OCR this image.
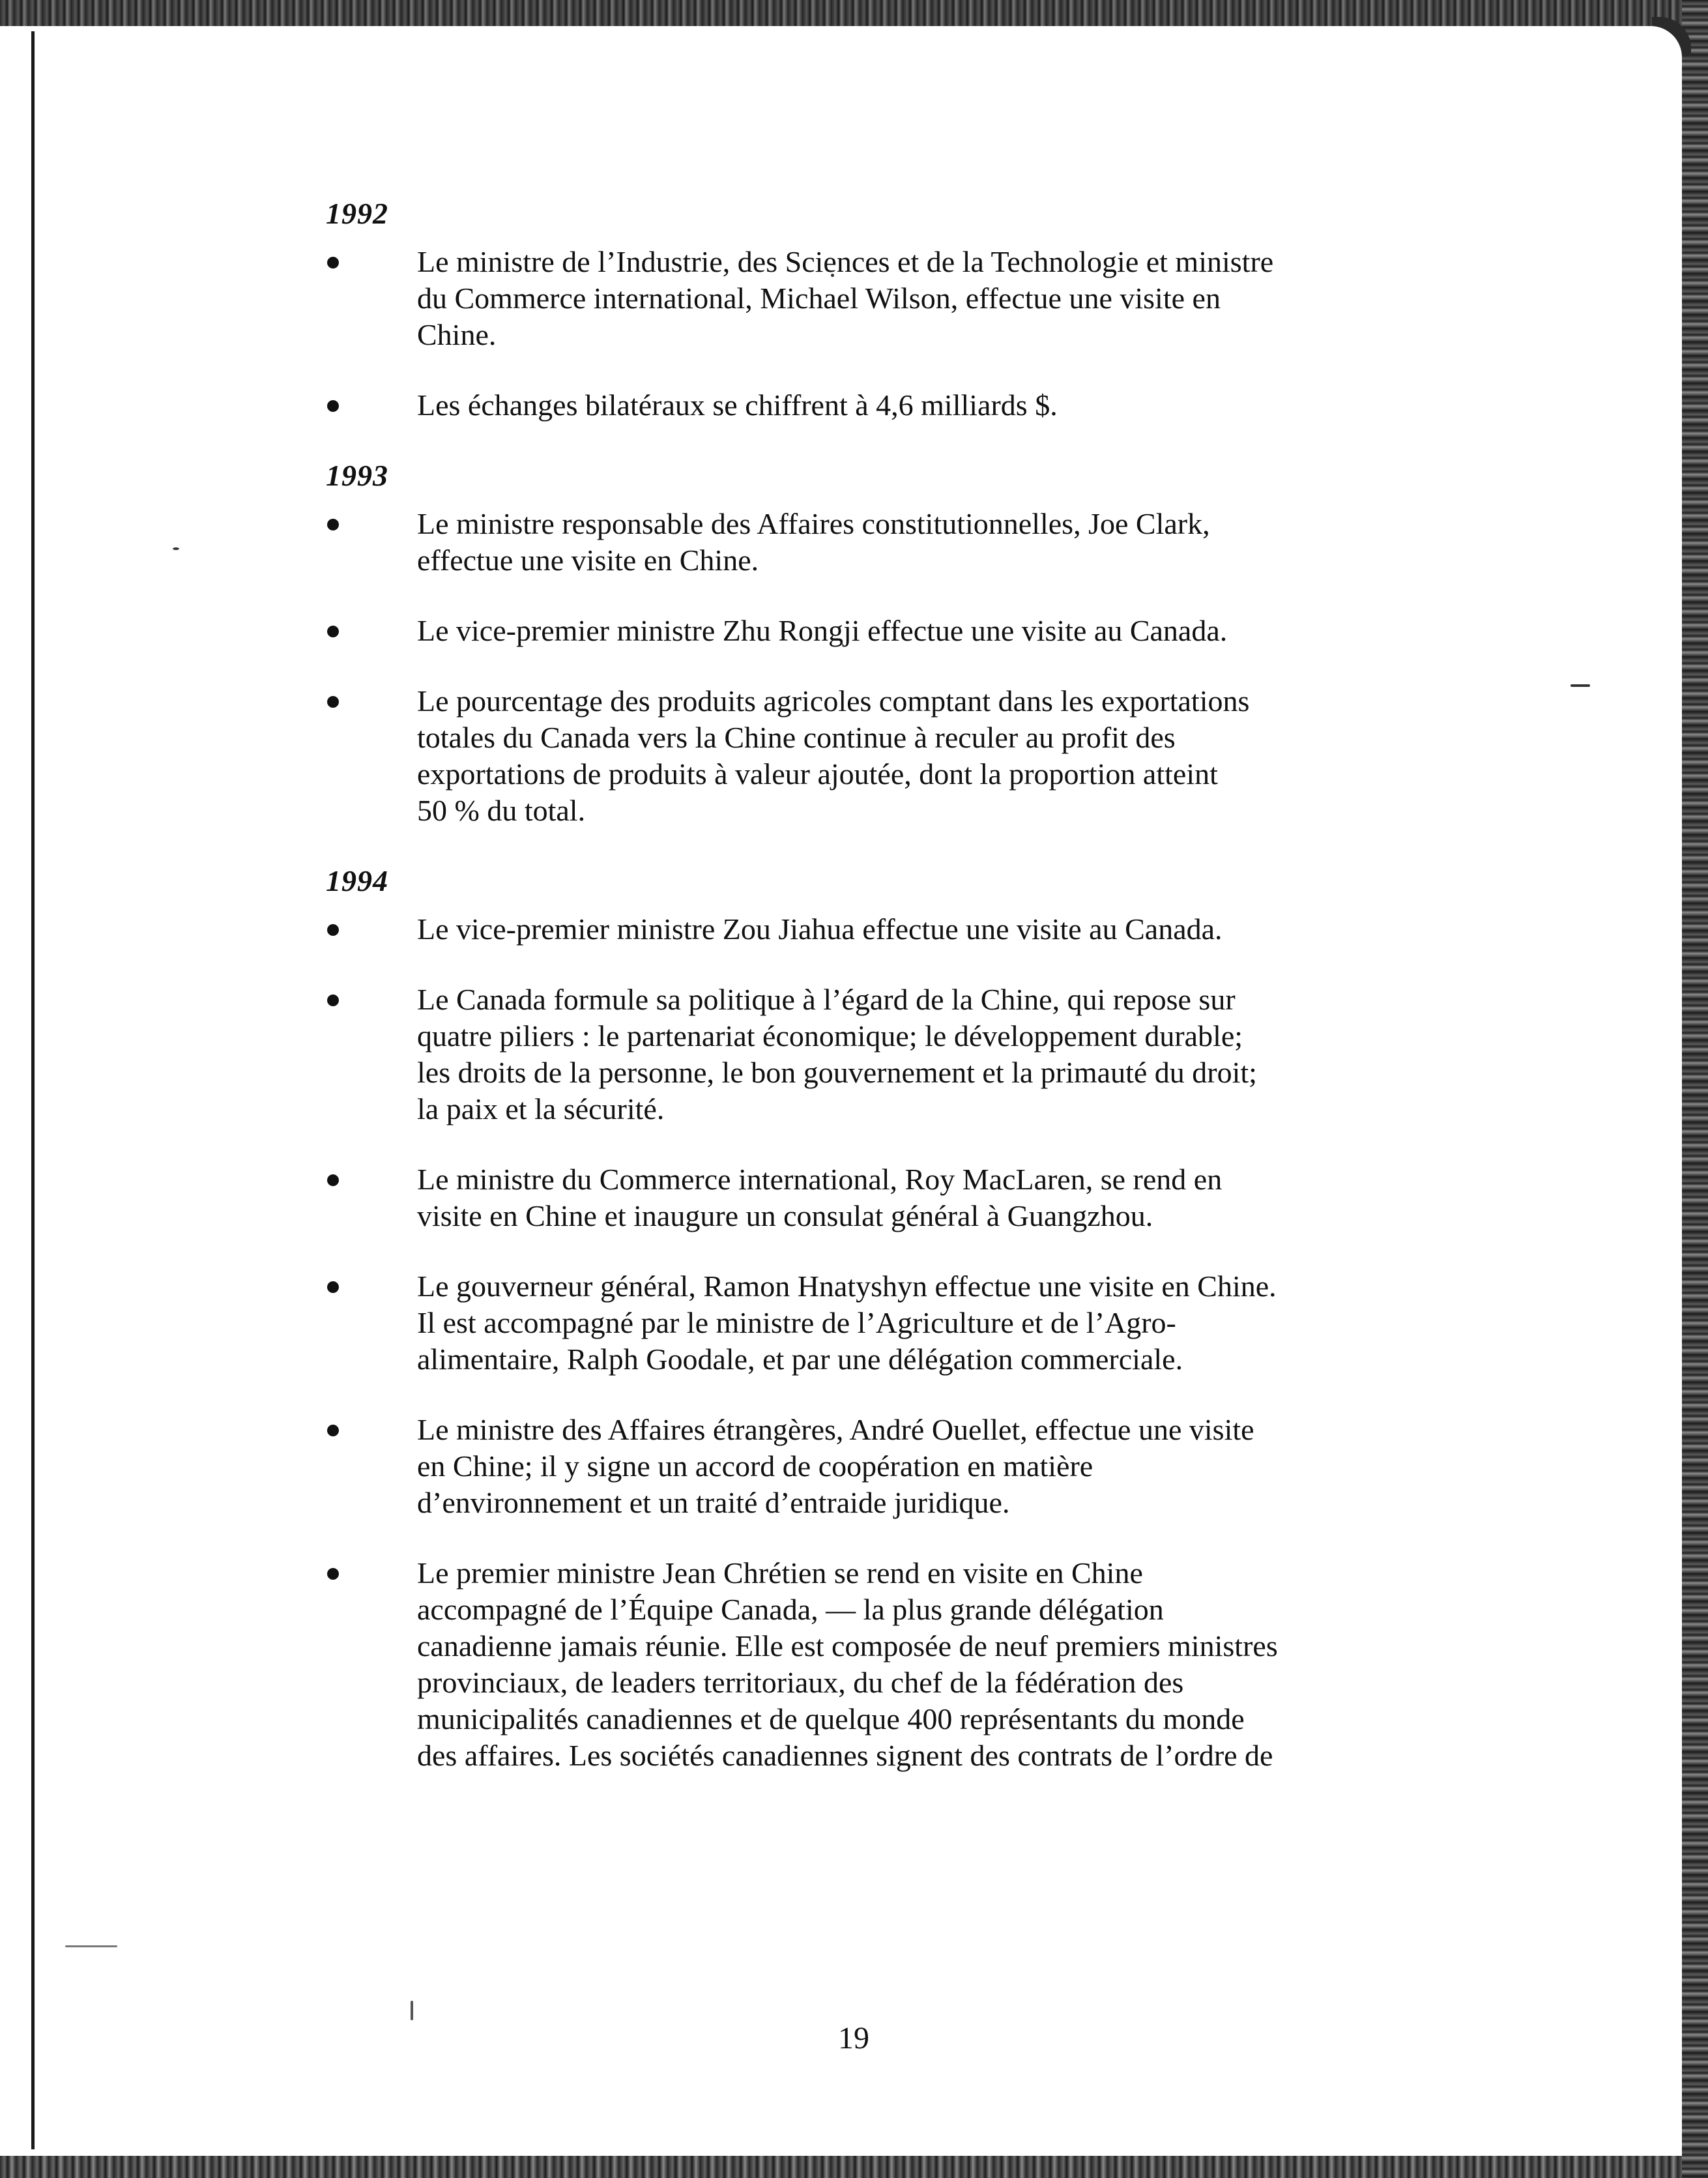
1992
Le ministre de l’Industrie, des Sciences et de la Technologie et ministre
du Commerce international, Michael Wilson, effectue une visite en
Chine.
Les échanges bilatéraux se chiffrent à 4,6 milliards $.
1993
Le ministre responsable des Affaires constitutionnelles, Joe Clark,
effectue une visite en Chine.
Le vice-premier ministre Zhu Rongji effectue une visite au Canada.
Le pourcentage des produits agricoles comptant dans les exportations
totales du Canada vers la Chine continue à reculer au profit des
exportations de produits à valeur ajoutée, dont la proportion atteint
50 % du total.
1994
Le vice-premier ministre Zou Jiahua effectue une visite au Canada.
Le Canada formule sa politique à l’égard de la Chine, qui repose sur
quatre piliers : le partenariat économique; le développement durable;
les droits de la personne, le bon gouvernement et la primauté du droit;
la paix et la sécurité.
Le ministre du Commerce international, Roy MacLaren, se rend en
visite en Chine et inaugure un consulat général à Guangzhou.
Le gouverneur général, Ramon Hnatyshyn effectue une visite en Chine.
Il est accompagné par le ministre de l’Agriculture et de l’Agro-
alimentaire, Ralph Goodale, et par une délégation commerciale.
Le ministre des Affaires étrangères, André Ouellet, effectue une visite
en Chine; il y signe un accord de coopération en matière
d’environnement et un traité d’entraide juridique.
Le premier ministre Jean Chrétien se rend en visite en Chine
accompagné de l’Équipe Canada, — la plus grande délégation
canadienne jamais réunie. Elle est composée de neuf premiers ministres
provinciaux, de leaders territoriaux, du chef de la fédération des
municipalités canadiennes et de quelque 400 représentants du monde
des affaires. Les sociétés canadiennes signent des contrats de l’ordre de
19
